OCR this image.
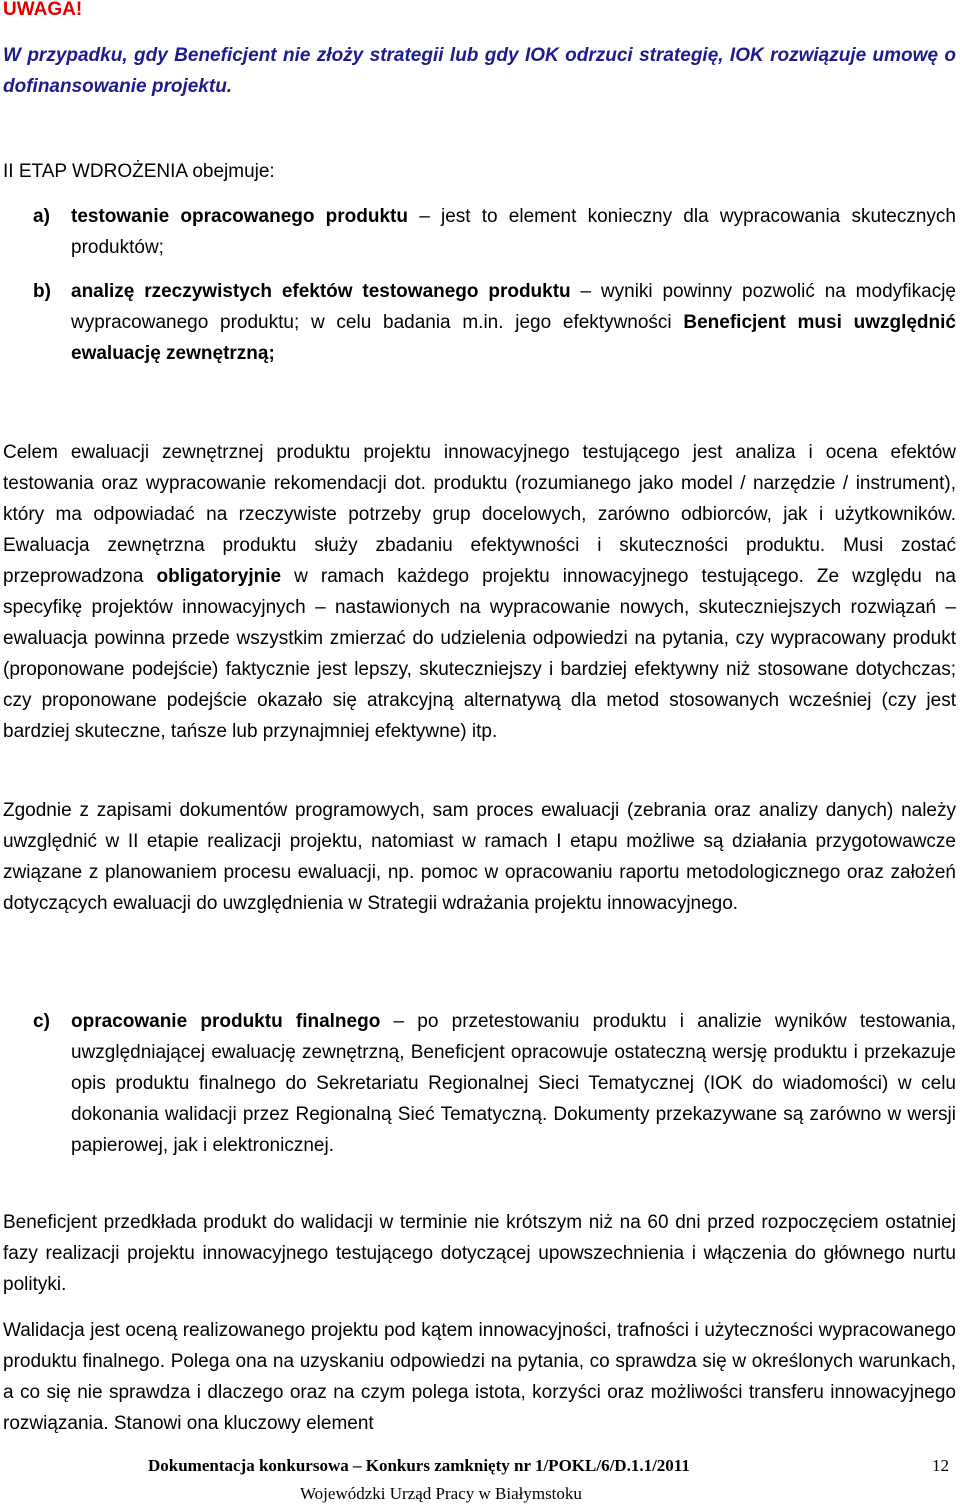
UWAGA!
W przypadku, gdy Beneficjent nie złoży strategii lub gdy IOK odrzuci strategię, IOK rozwiązuje umowę o dofinansowanie projektu.
II ETAP WDROŻENIA obejmuje:
a) testowanie opracowanego produktu – jest to element konieczny dla wypracowania skutecznych produktów;
b) analizę rzeczywistych efektów testowanego produktu – wyniki powinny pozwolić na modyfikację wypracowanego produktu; w celu badania m.in. jego efektywności Beneficjent musi uwzględnić ewaluację zewnętrzną;
Celem ewaluacji zewnętrznej produktu projektu innowacyjnego testującego jest analiza i ocena efektów testowania oraz wypracowanie rekomendacji dot. produktu (rozumianego jako model / narzędzie / instrument), który ma odpowiadać na rzeczywiste potrzeby grup docelowych, zarówno odbiorców, jak i użytkowników. Ewaluacja zewnętrzna produktu służy zbadaniu efektywności i skuteczności produktu. Musi zostać przeprowadzona obligatoryjnie w ramach każdego projektu innowacyjnego testującego. Ze względu na specyfikę projektów innowacyjnych – nastawionych na wypracowanie nowych, skuteczniejszych rozwiązań – ewaluacja powinna przede wszystkim zmierzać do udzielenia odpowiedzi na pytania, czy wypracowany produkt (proponowane podejście) faktycznie jest lepszy, skuteczniejszy i bardziej efektywny niż stosowane dotychczas; czy proponowane podejście okazało się atrakcyjną alternatywą dla metod stosowanych wcześniej (czy jest bardziej skuteczne, tańsze lub przynajmniej efektywne) itp.
Zgodnie z zapisami dokumentów programowych, sam proces ewaluacji (zebrania oraz analizy danych) należy uwzględnić w II etapie realizacji projektu, natomiast w ramach I etapu możliwe są działania przygotowawcze związane z planowaniem procesu ewaluacji, np. pomoc w opracowaniu raportu metodologicznego oraz założeń dotyczących ewaluacji do uwzględnienia w Strategii wdrażania projektu innowacyjnego.
c) opracowanie produktu finalnego – po przetestowaniu produktu i analizie wyników testowania, uwzględniającej ewaluację zewnętrzną, Beneficjent opracowuje ostateczną wersję produktu i przekazuje opis produktu finalnego do Sekretariatu Regionalnej Sieci Tematycznej (IOK do wiadomości) w celu dokonania walidacji przez Regionalną Sieć Tematyczną. Dokumenty przekazywane są zarówno w wersji papierowej, jak i elektronicznej.
Beneficjent przedkłada produkt do walidacji w terminie nie krótszym niż na 60 dni przed rozpoczęciem ostatniej fazy realizacji projektu innowacyjnego testującego dotyczącej upowszechnienia i włączenia do głównego nurtu polityki.
Walidacja jest oceną realizowanego projektu pod kątem innowacyjności, trafności i użyteczności wypracowanego produktu finalnego. Polega ona na uzyskaniu odpowiedzi na pytania, co sprawdza się w określonych warunkach, a co się nie sprawdza i dlaczego oraz na czym polega istota, korzyści oraz możliwości transferu innowacyjnego rozwiązania. Stanowi ona kluczowy element
Dokumentacja konkursowa – Konkurs zamknięty nr 1/POKL/6/D.1.1/2011	12
Wojewódzki Urząd Pracy w Białymstoku
